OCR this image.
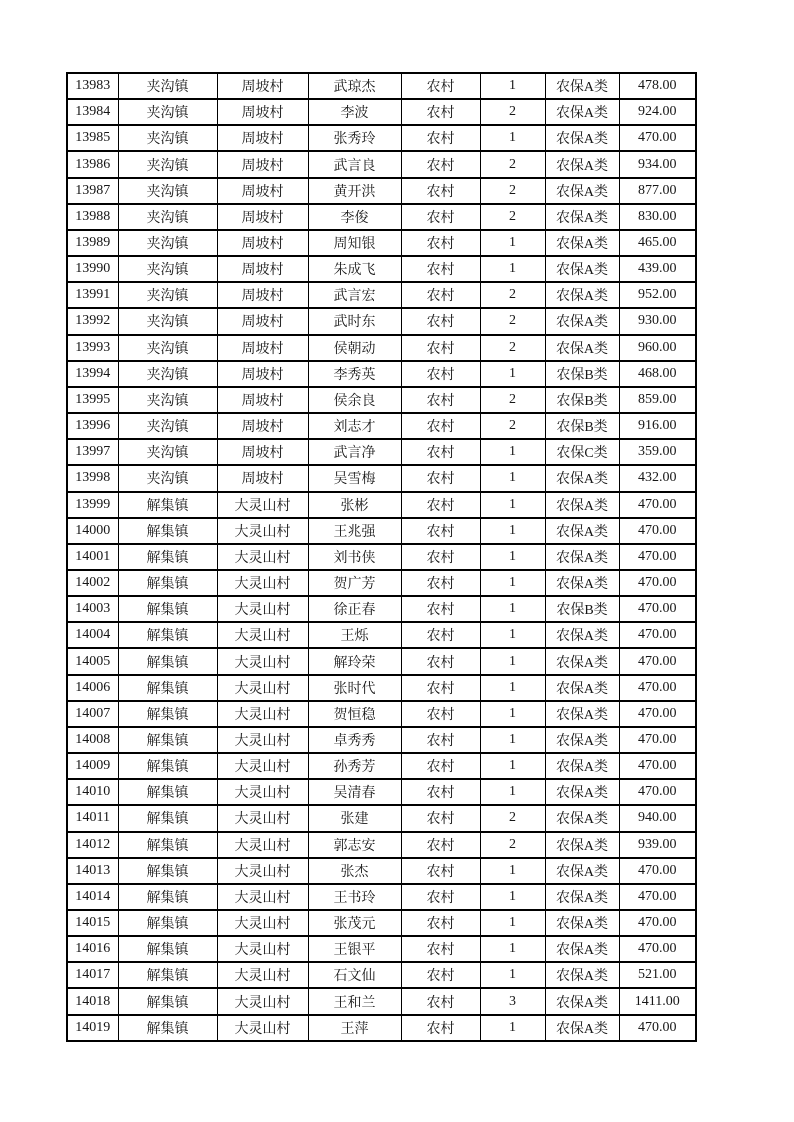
13983	夹沟镇	周坡村	武琼杰	农村	1	农保A类	478.00
13984	夹沟镇	周坡村	李波	农村	2	农保A类	924.00
13985	夹沟镇	周坡村	张秀玲	农村	1	农保A类	470.00
13986	夹沟镇	周坡村	武言良	农村	2	农保A类	934.00
13987	夹沟镇	周坡村	黄开洪	农村	2	农保A类	877.00
13988	夹沟镇	周坡村	李俊	农村	2	农保A类	830.00
13989	夹沟镇	周坡村	周知银	农村	1	农保A类	465.00
13990	夹沟镇	周坡村	朱成飞	农村	1	农保A类	439.00
13991	夹沟镇	周坡村	武言宏	农村	2	农保A类	952.00
13992	夹沟镇	周坡村	武时东	农村	2	农保A类	930.00
13993	夹沟镇	周坡村	侯朝动	农村	2	农保A类	960.00
13994	夹沟镇	周坡村	李秀英	农村	1	农保B类	468.00
13995	夹沟镇	周坡村	侯余良	农村	2	农保B类	859.00
13996	夹沟镇	周坡村	刘志才	农村	2	农保B类	916.00
13997	夹沟镇	周坡村	武言净	农村	1	农保C类	359.00
13998	夹沟镇	周坡村	吴雪梅	农村	1	农保A类	432.00
13999	解集镇	大灵山村	张彬	农村	1	农保A类	470.00
14000	解集镇	大灵山村	王兆强	农村	1	农保A类	470.00
14001	解集镇	大灵山村	刘书侠	农村	1	农保A类	470.00
14002	解集镇	大灵山村	贺广芳	农村	1	农保A类	470.00
14003	解集镇	大灵山村	徐正春	农村	1	农保B类	470.00
14004	解集镇	大灵山村	王烁	农村	1	农保A类	470.00
14005	解集镇	大灵山村	解玲荣	农村	1	农保A类	470.00
14006	解集镇	大灵山村	张时代	农村	1	农保A类	470.00
14007	解集镇	大灵山村	贺恒稳	农村	1	农保A类	470.00
14008	解集镇	大灵山村	卓秀秀	农村	1	农保A类	470.00
14009	解集镇	大灵山村	孙秀芳	农村	1	农保A类	470.00
14010	解集镇	大灵山村	吴清春	农村	1	农保A类	470.00
14011	解集镇	大灵山村	张建	农村	2	农保A类	940.00
14012	解集镇	大灵山村	郭志安	农村	2	农保A类	939.00
14013	解集镇	大灵山村	张杰	农村	1	农保A类	470.00
14014	解集镇	大灵山村	王书玲	农村	1	农保A类	470.00
14015	解集镇	大灵山村	张茂元	农村	1	农保A类	470.00
14016	解集镇	大灵山村	王银平	农村	1	农保A类	470.00
14017	解集镇	大灵山村	石文仙	农村	1	农保A类	521.00
14018	解集镇	大灵山村	王和兰	农村	3	农保A类	1411.00
14019	解集镇	大灵山村	王萍	农村	1	农保A类	470.00
